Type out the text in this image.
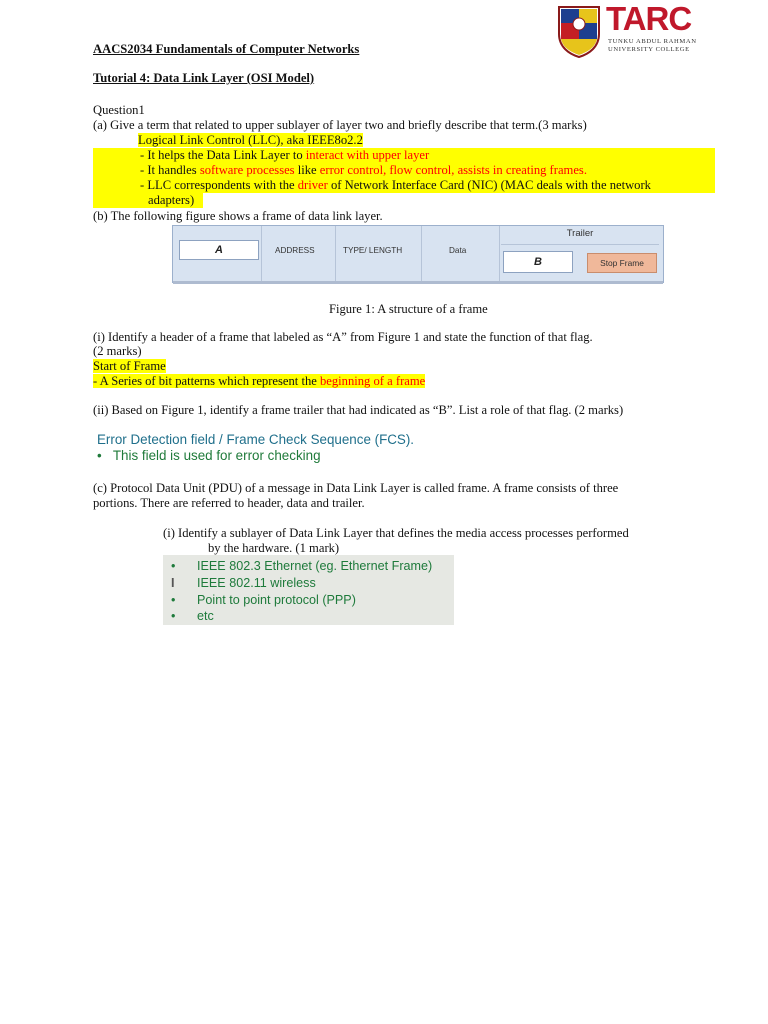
TARC
TUNKU ABDUL RAHMAN
UNIVERSITY COLLEGE
AACS2034 Fundamentals of Computer Networks
Tutorial 4: Data Link Layer (OSI Model)
Question1
(a) Give a term that related to upper sublayer of layer two and briefly describe that term.(3 marks)
Logical Link Control (LLC), aka IEEE8o2.2
- It helps the Data Link Layer to interact with upper layer
- It handles software processes like error control, flow control, assists in creating frames.
- LLC correspondents with the driver of Network Interface Card (NIC) (MAC deals with the network
adapters)
(b) The following figure shows a frame of data link layer.
A	ADDRESS	TYPE/ LENGTH	Data
Trailer
B	Stop Frame
Figure 1: A structure of a frame
(i) Identify a header of a frame that labeled as “A” from Figure 1 and state the function of that flag.
(2 marks)
Start of Frame
- A Series of bit patterns which represent the beginning of a frame
(ii) Based on Figure 1, identify a frame trailer that had indicated as “B”. List a role of that flag. (2 marks)
Error Detection field / Frame Check Sequence (FCS).
• This field is used for error checking
(c) Protocol Data Unit (PDU) of a message in Data Link Layer is called frame. A frame consists of three
portions. There are referred to header, data and trailer.
(i) Identify a sublayer of Data Link Layer that defines the media access processes performed
by the hardware. (1 mark)
• IEEE 802.3 Ethernet (eg. Ethernet Frame)
I IEEE 802.11 wireless
• Point to point protocol (PPP)
• etc
